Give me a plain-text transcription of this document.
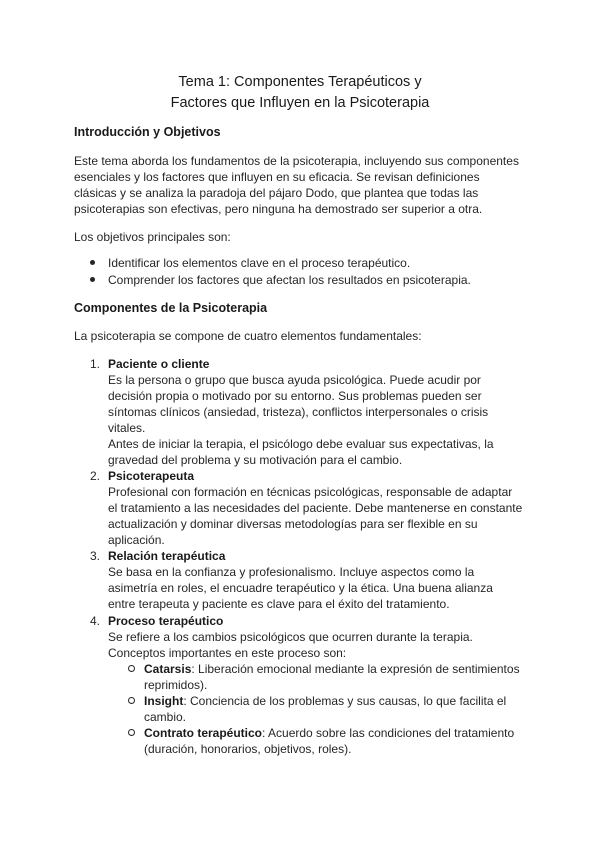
Tema 1: Componentes Terapéuticos y
Factores que Influyen en la Psicoterapia
Introducción y Objetivos
Este tema aborda los fundamentos de la psicoterapia, incluyendo sus componentes
esenciales y los factores que influyen en su eficacia. Se revisan definiciones
clásicas y se analiza la paradoja del pájaro Dodo, que plantea que todas las
psicoterapias son efectivas, pero ninguna ha demostrado ser superior a otra.
Los objetivos principales son:
Identificar los elementos clave en el proceso terapéutico.
Comprender los factores que afectan los resultados en psicoterapia.
Componentes de la Psicoterapia
La psicoterapia se compone de cuatro elementos fundamentales:
1. Paciente o cliente
Es la persona o grupo que busca ayuda psicológica. Puede acudir por
decisión propia o motivado por su entorno. Sus problemas pueden ser
síntomas clínicos (ansiedad, tristeza), conflictos interpersonales o crisis
vitales.
Antes de iniciar la terapia, el psicólogo debe evaluar sus expectativas, la
gravedad del problema y su motivación para el cambio.
2. Psicoterapeuta
Profesional con formación en técnicas psicológicas, responsable de adaptar
el tratamiento a las necesidades del paciente. Debe mantenerse en constante
actualización y dominar diversas metodologías para ser flexible en su
aplicación.
3. Relación terapéutica
Se basa en la confianza y profesionalismo. Incluye aspectos como la
asimetría en roles, el encuadre terapéutico y la ética. Una buena alianza
entre terapeuta y paciente es clave para el éxito del tratamiento.
4. Proceso terapéutico
Se refiere a los cambios psicológicos que ocurren durante la terapia.
Conceptos importantes en este proceso son:
Catarsis: Liberación emocional mediante la expresión de sentimientos
reprimidos).
Insight: Conciencia de los problemas y sus causas, lo que facilita el
cambio.
Contrato terapéutico: Acuerdo sobre las condiciones del tratamiento
(duración, honorarios, objetivos, roles).
